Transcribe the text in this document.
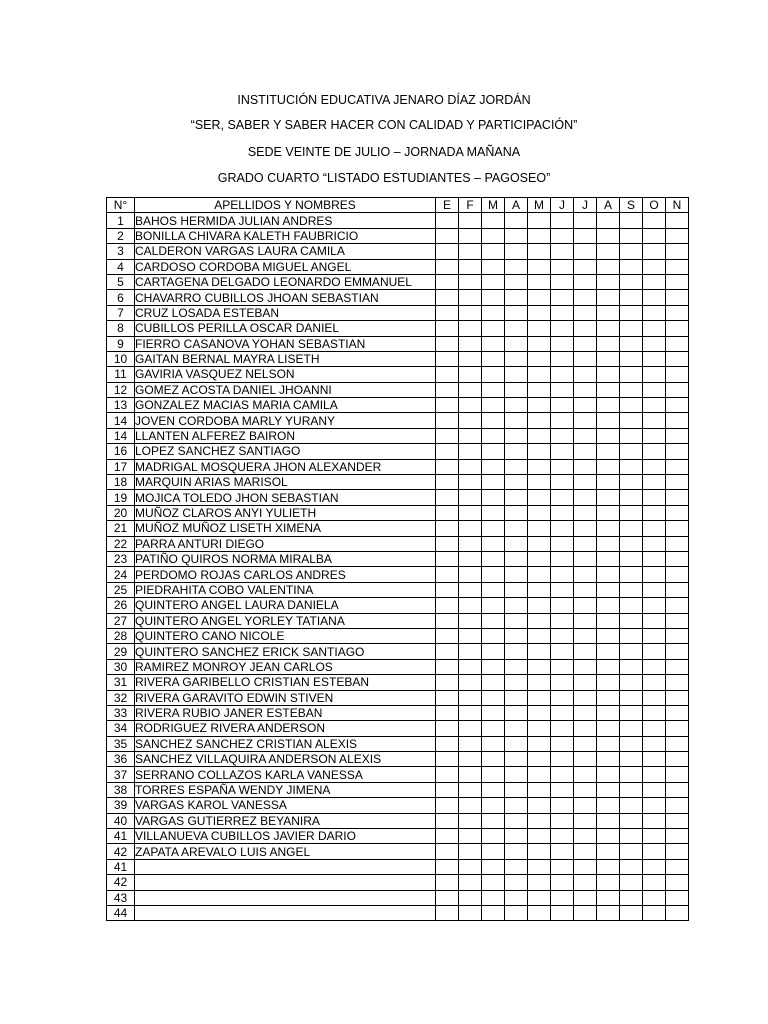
INSTITUCIÓN EDUCATIVA JENARO DÍAZ JORDÁN
“SER, SABER Y SABER HACER CON CALIDAD Y PARTICIPACIÓN”
SEDE VEINTE DE JULIO – JORNADA MAÑANA
GRADO CUARTO “LISTADO ESTUDIANTES – PAGOSEO”
N°	APELLIDOS Y NOMBRES	E	F	M	A	M	J	J	A	S	O	N
1	BAHOS HERMIDA JULIAN ANDRES											
2	BONILLA CHIVARA KALETH FAUBRICIO											
3	CALDERON VARGAS LAURA CAMILA											
4	CARDOSO CORDOBA MIGUEL ANGEL											
5	CARTAGENA DELGADO LEONARDO EMMANUEL											
6	CHAVARRO CUBILLOS JHOAN SEBASTIAN											
7	CRUZ LOSADA ESTEBAN											
8	CUBILLOS PERILLA OSCAR DANIEL											
9	FIERRO CASANOVA YOHAN SEBASTIAN											
10	GAITAN BERNAL MAYRA LISETH											
11	GAVIRIA VASQUEZ NELSON											
12	GOMEZ ACOSTA DANIEL JHOANNI											
13	GONZALEZ MACIAS MARIA CAMILA											
14	JOVEN CORDOBA MARLY YURANY											
14	LLANTEN ALFEREZ BAIRON											
16	LOPEZ SANCHEZ SANTIAGO											
17	MADRIGAL MOSQUERA JHON ALEXANDER											
18	MARQUIN ARIAS MARISOL											
19	MOJICA TOLEDO JHON SEBASTIAN											
20	MUÑOZ CLAROS ANYI YULIETH											
21	MUÑOZ MUÑOZ LISETH XIMENA											
22	PARRA ANTURI DIEGO											
23	PATIÑO QUIROS NORMA MIRALBA											
24	PERDOMO ROJAS CARLOS ANDRES											
25	PIEDRAHITA COBO VALENTINA											
26	QUINTERO ANGEL LAURA DANIELA											
27	QUINTERO ANGEL YORLEY TATIANA											
28	QUINTERO CANO NICOLE											
29	QUINTERO SANCHEZ ERICK SANTIAGO											
30	RAMIREZ MONROY JEAN CARLOS											
31	RIVERA GARIBELLO CRISTIAN ESTEBAN											
32	RIVERA GARAVITO EDWIN STIVEN											
33	RIVERA RUBIO JANER ESTEBAN											
34	RODRIGUEZ RIVERA ANDERSON											
35	SANCHEZ SANCHEZ CRISTIAN ALEXIS											
36	SANCHEZ VILLAQUIRA ANDERSON ALEXIS											
37	SERRANO COLLAZOS KARLA VANESSA											
38	TORRES ESPAÑA WENDY JIMENA											
39	VARGAS KAROL VANESSA											
40	VARGAS GUTIERREZ BEYANIRA											
41	VILLANUEVA CUBILLOS JAVIER DARIO											
42	ZAPATA AREVALO LUIS ANGEL											
41												
42												
43												
44												
